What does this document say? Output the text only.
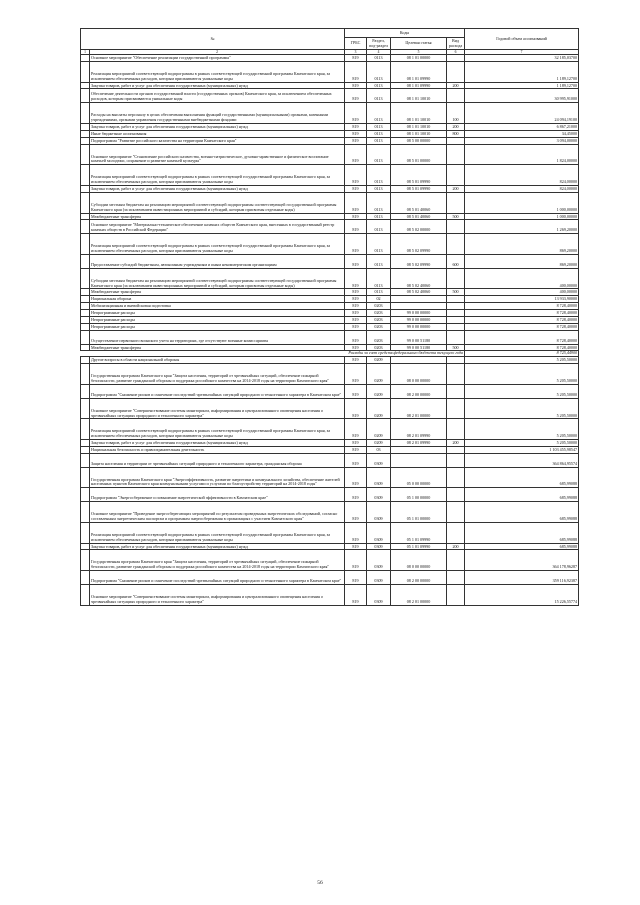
№		Коды				Годовой объем ассигнований
		ГРБС	Раздел, под-раздел	Целевая статья	Вид расхода	
1	2	3	4	5	6	7
	Основное мероприятие "Обеспечение реализации государственной программы"	819	0113	08 1 01 00000		32 185,03700
	Реализация мероприятий соответствующей подпрограммы в рамках соответствующей государственной программы Камчатского края, за исключением обеспеченных расходов, которым присваиваются уникальные коды	819	0113	08 1 01 09990		1 189,12700
	Закупка товаров, работ и услуг для обеспечения государственных (муниципальных) нужд	819	0113	08 1 01 09990	200	1 189,12700
	Обеспечение деятельности органов государственной власти (государственных органов) Камчатского края, за исключением обеспеченных расходов, которым присваиваются уникальные коды	819	0113	08 1 01 10010		30 995,91000
	Расходы на выплаты персоналу в целях обеспечения выполнения функций государственными (муниципальными) органами, казенными учреждениями, органами управления государственными внебюджетными фондами	819	0113	08 1 01 10010	100	24 094,19100
	Закупка товаров, работ и услуг для обеспечения государственных (муниципальных) нужд	819	0113	08 1 01 10010	200	6 867,21000
	Иные бюджетные ассигнования	819	0113	08 1 01 10010	800	34,45000
	Подпрограмма "Развитие российского казачества на территории Камчатского края"	819	0113	08 5 00 00000		3 094,00000
	Основное мероприятие "Становление российского казачества, военно-патриотическое, духовно-нравственное и физическое воспитание казачьей молодежи, сохранение и развитие казачьей культуры"	819	0113	08 5 01 00000		1 824,00000
	Реализация мероприятий соответствующей подпрограммы в рамках соответствующей государственной программы Камчатского края, за исключением обеспеченных расходов, которым присваиваются уникальные коды	819	0113	08 5 01 09990		824,00000
	Закупка товаров, работ и услуг для обеспечения государственных (муниципальных) нужд	819	0113	08 5 01 09990	200	824,00000
	Субсидии местным бюджетам на реализацию мероприятий соответствующей подпрограммы соответствующей государственной программы Камчатского края (за исключением инвестиционных мероприятий и субсидий, которым присвоены отдельные коды)	819	0113	08 5 01 40060		1 000,00000
	Межбюджетные трансферты	819	0113	08 5 01 40060	500	1 000,00000
	Основное мероприятие "Материально-техническое обеспечение казачьих обществ Камчатского края, внесенных в государственный реестр казачьих обществ в Российской Федерации"	819	0113	08 5 02 00000		1 269,20000
	Реализация мероприятий соответствующей подпрограммы в рамках соответствующей государственной программы Камчатского края, за исключением обеспеченных расходов, которым присваиваются уникальные коды	819	0113	08 5 02 09990		869,20000
	Предоставление субсидий бюджетным, автономным учреждениям и иным некоммерческим организациям	819	0113	08 5 02 09990	600	869,20000
	Субсидии местным бюджетам на реализацию мероприятий соответствующей подпрограммы соответствующей государственной программы Камчатского края (за исключением инвестиционных мероприятий и субсидий, которым присвоены отдельные коды)	819	0113	08 5 02 40060		400,00000
	Межбюджетные трансферты	819	0113	08 5 02 40060	500	400,00000
	Национальная оборона	819	02			13 933,90000
	Мобилизационная и вневойсковая подготовка	819	0203			8 728,40000
	Непрограммные расходы	819	0203	99 0 00 00000		8 728,40000
	Непрограммные расходы	819	0203	99 0 00 00000		8 728,40000
	Непрограммные расходы	819	0203	99 0 00 00000		8 728,40000
	Осуществление первичного воинского учета на территориях, где отсутствуют военные комиссариаты	819	0203	99 0 00 51180		8 728,40000
	Межбюджетные трансферты	819	0203	99 0 00 51180	500	8 728,40000
Расходы за счет средств федерального бюджета текущего года						8 725,44900
	Другие вопросы в области национальной обороны	819	0209			5 205,50000
	Государственная программа Камчатского края "Защита населения, территорий от чрезвычайных ситуаций, обеспечение пожарной безопасности, развитие гражданской обороны и поддержка российского казачества на 2014-2018 годы на территории Камчатского края"	819	0209	08 0 00 00000		5 205,50000
	Подпрограмма "Снижение рисков и смягчение последствий чрезвычайных ситуаций природного и техногенного характера в Камчатском крае"	819	0209	08 2 00 00000		5 205,50000
	Основное мероприятие "Совершенствование системы мониторинга, информирования и централизованного оповещения населения о чрезвычайных ситуациях природного и техногенного характера"	819	0209	08 2 01 00000		5 205,50000
	Реализация мероприятий соответствующей подпрограммы в рамках соответствующей государственной программы Камчатского края, за исключением обеспеченных расходов, которым присваиваются уникальные коды	819	0209	08 2 01 09990		5 205,50000
	Закупка товаров, работ и услуг для обеспечения государственных (муниципальных) нужд	819	0209	08 2 01 09990	200	5 205,50000
	Национальная безопасность и правоохранительная деятельность	819	03			1 103 455,98547
	Защита населения и территории от чрезвычайных ситуаций природного и техногенного характера, гражданская оборона	819	0309			364 864,95574
	Государственная программа Камчатского края "Энергоэффективность, развитие энергетики и коммунального хозяйства, обеспечение жителей населенных пунктов Камчатского края коммунальными услугами и услугами по благоустройству территорий на 2014-2018 годы"	819	0309	05 0 00 00000		685,99088
	Подпрограмма "Энергосбережение и повышение энергетической эффективности в Камчатском крае"	819	0309	05 1 00 00000		685,99088
	Основное мероприятие "Проведение энергосберегающих мероприятий по результатам проведенных энергетических обследований, согласно составленным энергетическим паспортам и программам энергосбережения в организациях с участием Камчатского края"	819	0309	05 1 01 00000		685,99088
	Реализация мероприятий соответствующей подпрограммы в рамках соответствующей государственной программы Камчатского края, за исключением обеспеченных расходов, которым присваиваются уникальные коды	819	0309	05 1 01 09990		685,99088
	Закупка товаров, работ и услуг для обеспечения государственных (муниципальных) нужд	819	0309	05 1 01 09990	200	685,99088
	Государственная программа Камчатского края "Защита населения, территорий от чрезвычайных ситуаций, обеспечение пожарной безопасности, развитие гражданской обороны и поддержка российского казачества на 2014-2018 годы на территории Камчатского края"	819	0309	08 0 00 00000		364 178,96287
	Подпрограмма "Снижение рисков и смягчение последствий чрезвычайных ситуаций природного и техногенного характера в Камчатском крае"	819	0309	08 2 00 00000		359 116,92387
	Основное мероприятие "Совершенствование системы мониторинга, информирования и централизованного оповещения населения о чрезвычайных ситуациях природного и техногенного характера"	819	0309	08 2 01 00000		15 226,55774
56
